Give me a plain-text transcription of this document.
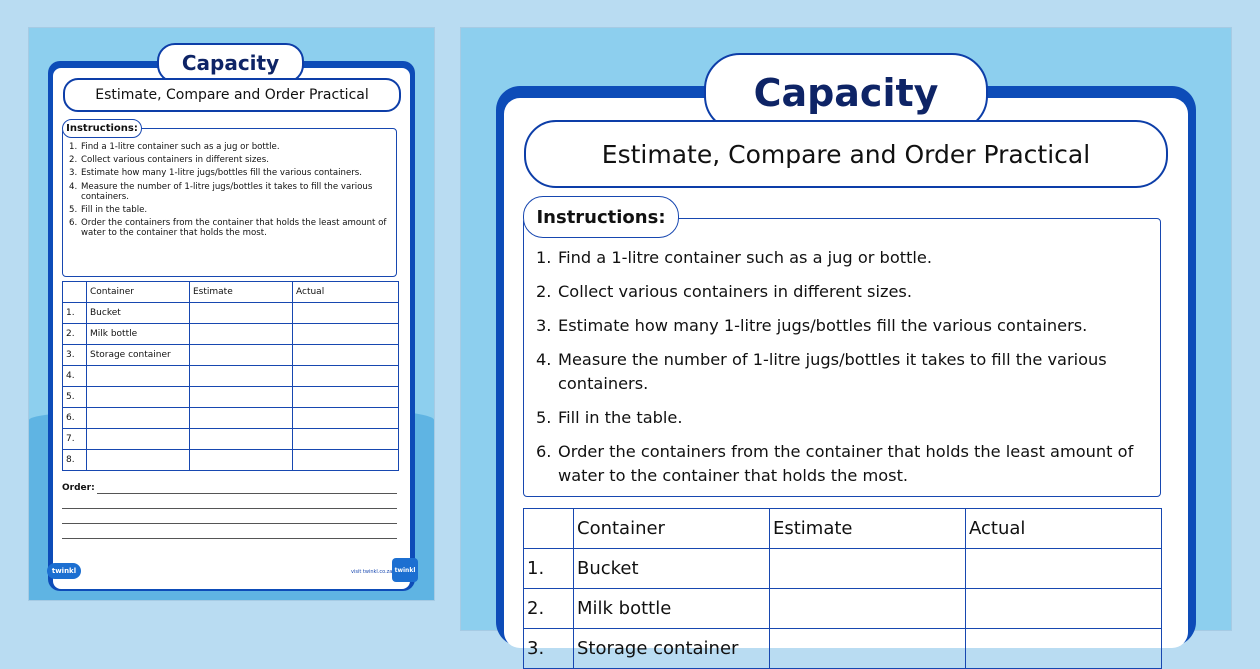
Capacity
Estimate, Compare and Order Practical
Instructions:
1. Find a 1-litre container such as a jug or bottle.
2. Collect various containers in different sizes.
3. Estimate how many 1-litre jugs/bottles fill the various containers.
4. Measure the number of 1-litre jugs/bottles it takes to fill the various containers.
5. Fill in the table.
6. Order the containers from the container that holds the least amount of water to the container that holds the most.
	Container	Estimate	Actual
1.	Bucket		
2.	Milk bottle		
3.	Storage container		
4.			
5.			
6.			
7.			
8.			
Order:
twinkl	visit twinkl.co.za twinkl
Capacity
Estimate, Compare and Order Practical
Instructions:
1. Find a 1-litre container such as a jug or bottle.
2. Collect various containers in different sizes.
3. Estimate how many 1-litre jugs/bottles fill the various containers.
4. Measure the number of 1-litre jugs/bottles it takes to fill the various containers.
5. Fill in the table.
6. Order the containers from the container that holds the least amount of water to the container that holds the most.
	Container	Estimate	Actual
1.	Bucket		
2.	Milk bottle		
3.	Storage container		
